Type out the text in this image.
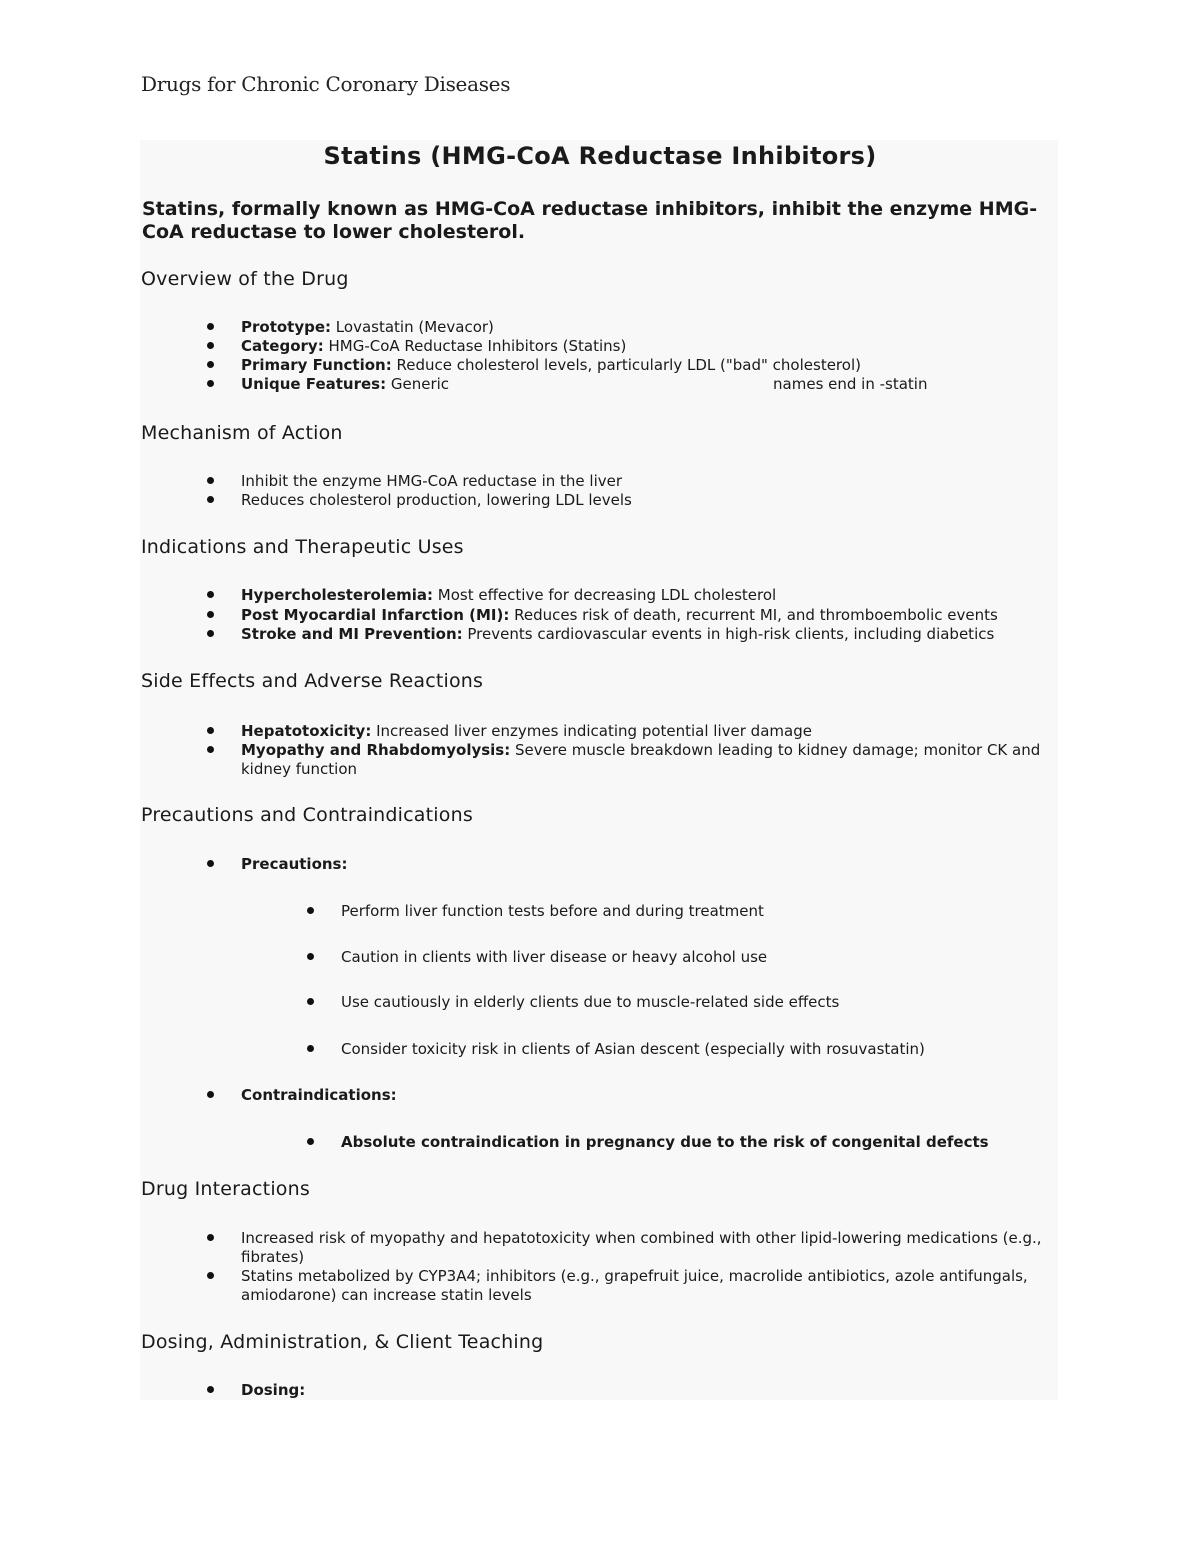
Drugs for Chronic Coronary Diseases
Statins (HMG-CoA Reductase Inhibitors)
Statins, formally known as HMG-CoA reductase inhibitors, inhibit the enzyme HMG-CoA reductase to lower cholesterol.
Overview of the Drug
Prototype: Lovastatin (Mevacor)
Category: HMG-CoA Reductase Inhibitors (Statins)
Primary Function: Reduce cholesterol levels, particularly LDL ("bad" cholesterol)
Unique Features: Generic	names end in -statin
Mechanism of Action
Inhibit the enzyme HMG-CoA reductase in the liver
Reduces cholesterol production, lowering LDL levels
Indications and Therapeutic Uses
Hypercholesterolemia: Most effective for decreasing LDL cholesterol
Post Myocardial Infarction (MI): Reduces risk of death, recurrent MI, and thromboembolic events
Stroke and MI Prevention: Prevents cardiovascular events in high-risk clients, including diabetics
Side Effects and Adverse Reactions
Hepatotoxicity: Increased liver enzymes indicating potential liver damage
Myopathy and Rhabdomyolysis: Severe muscle breakdown leading to kidney damage; monitor CK and kidney function
Precautions and Contraindications
Precautions:
Perform liver function tests before and during treatment
Caution in clients with liver disease or heavy alcohol use
Use cautiously in elderly clients due to muscle-related side effects
Consider toxicity risk in clients of Asian descent (especially with rosuvastatin)
Contraindications:
Absolute contraindication in pregnancy due to the risk of congenital defects
Drug Interactions
Increased risk of myopathy and hepatotoxicity when combined with other lipid-lowering medications (e.g., fibrates)
Statins metabolized by CYP3A4; inhibitors (e.g., grapefruit juice, macrolide antibiotics, azole antifungals, amiodarone) can increase statin levels
Dosing, Administration, & Client Teaching
Dosing:
